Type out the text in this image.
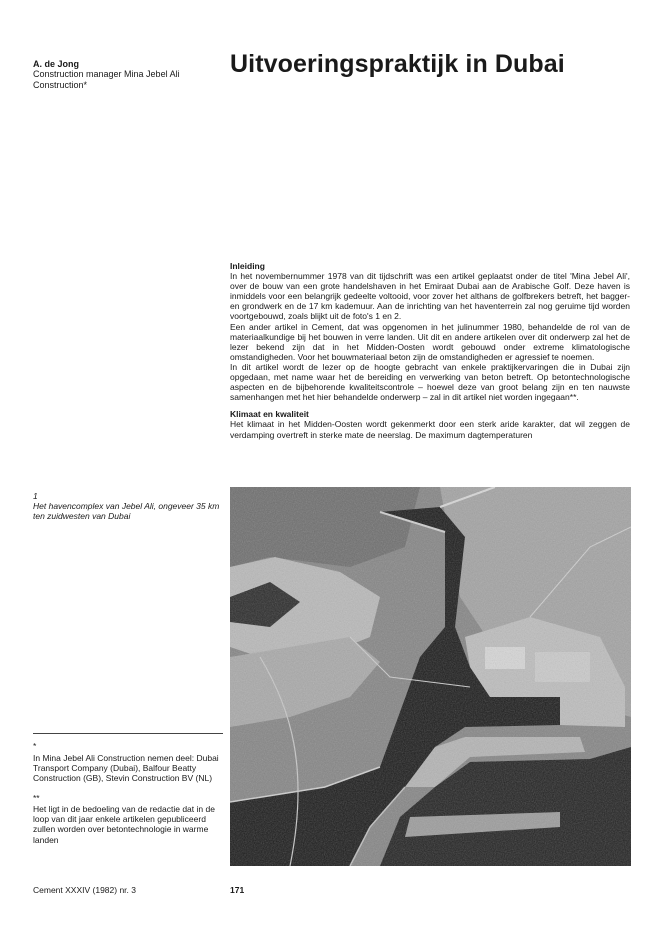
A. de Jong
Construction manager Mina Jebel Ali Construction*
Uitvoeringspraktijk in Dubai

Inleiding

In het novembernummer 1978 van dit tijdschrift was een artikel geplaatst onder de titel 'Mina Jebel Ali', over de bouw van een grote handelshaven in het Emiraat Dubai aan de Arabische Golf. Deze haven is inmiddels voor een belangrijk gedeelte voltooid, voor zover het althans de golfbrekers betreft, het bagger- en grondwerk en de 17 km kademuur. Aan de inrichting van het haventerrein zal nog geruime tijd worden voortgebouwd, zoals blijkt uit de foto's 1 en 2.

Een ander artikel in Cement, dat was opgenomen in het julinummer 1980, behandelde de rol van de materiaalkundige bij het bouwen in verre landen. Uit dit en andere artikelen over dit onderwerp zal het de lezer bekend zijn dat in het Midden-Oosten wordt gebouwd onder extreme klimatologische omstandigheden. Voor het bouwmateriaal beton zijn de omstandigheden er agressief te noemen.

In dit artikel wordt de lezer op de hoogte gebracht van enkele praktijkervaringen die in Dubai zijn opgedaan, met name waar het de bereiding en verwerking van beton betreft. Op betontechnologische aspecten en de bijbehorende kwaliteitscontrole – hoewel deze van groot belang zijn en ten nauwste samenhangen met het hier behandelde onderwerp – zal in dit artikel niet worden ingegaan**.

Klimaat en kwaliteit

Het klimaat in het Midden-Oosten wordt gekenmerkt door een sterk aride karakter, dat wil zeggen de verdamping overtreft in sterke mate de neerslag. De maximum dagtemperaturen

1
Het havencomplex van Jebel Ali, ongeveer 35 km ten zuidwesten van Dubai
*
In Mina Jebel Ali Construction nemen deel: Dubai Transport Company (Dubai), Balfour Beatty Construction (GB), Stevin Construction BV (NL)
**
Het ligt in de bedoeling van de redactie dat in de loop van dit jaar enkele artikelen gepubliceerd zullen worden over betontechnologie in warme landen
Cement XXXIV (1982) nr. 3	171
